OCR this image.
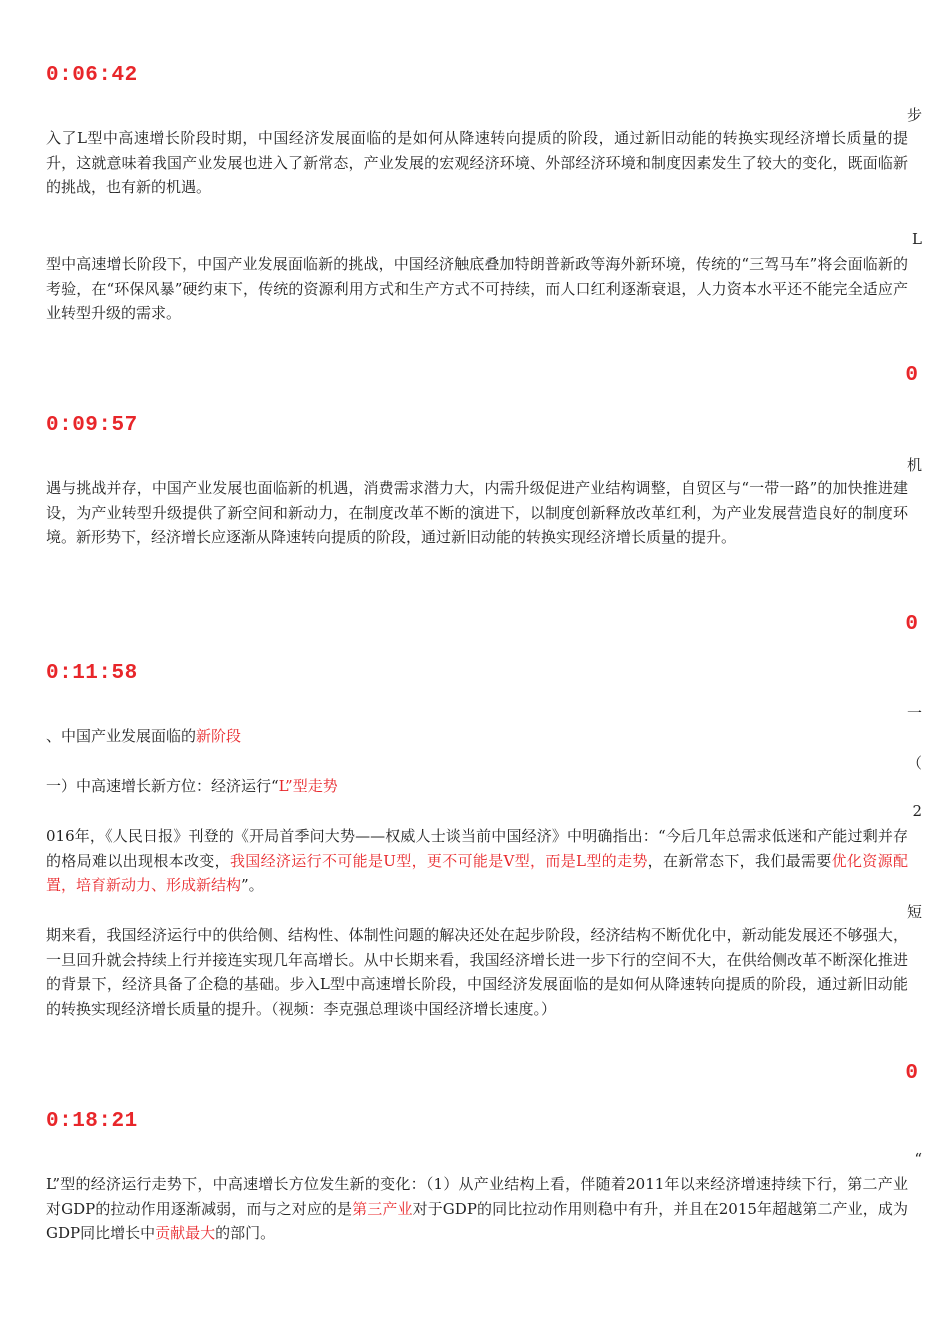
0:06:42
步
入了L型中高速增长阶段时期，中国经济发展面临的是如何从降速转向提质的阶段，通过新旧动能的转换实现经济增长质量的提升，这就意味着我国产业发展也进入了新常态，产业发展的宏观经济环境、外部经济环境和制度因素发生了较大的变化，既面临新的挑战，也有新的机遇。
L
型中高速增长阶段下，中国产业发展面临新的挑战，中国经济触底叠加特朗普新政等海外新环境，传统的“三驾马车”将会面临新的考验，在“环保风暴”硬约束下，传统的资源利用方式和生产方式不可持续，而人口红利逐渐衰退，人力资本水平还不能完全适应产业转型升级的需求。
0
0:09:57
机
遇与挑战并存，中国产业发展也面临新的机遇，消费需求潜力大，内需升级促进产业结构调整，自贸区与“一带一路”的加快推进建设，为产业转型升级提供了新空间和新动力，在制度改革不断的演进下，以制度创新释放改革红利，为产业发展营造良好的制度环境。新形势下，经济增长应逐渐从降速转向提质的阶段，通过新旧动能的转换实现经济增长质量的提升。
0
0:11:58
一
、中国产业发展面临的新阶段
（
一）中高速增长新方位：经济运行“L”型走势
2
016年，《人民日报》刊登的《开局首季问大势——权威人士谈当前中国经济》中明确指出：“今后几年总需求低迷和产能过剩并存的格局难以出现根本改变，我国经济运行不可能是U型，更不可能是V型，而是L型的走势，在新常态下，我们最需要优化资源配置，培育新动力、形成新结构”。
短
期来看，我国经济运行中的供给侧、结构性、体制性问题的解决还处在起步阶段，经济结构不断优化中，新动能发展还不够强大，一旦回升就会持续上行并接连实现几年高增长。从中长期来看，我国经济增长进一步下行的空间不大，在供给侧改革不断深化推进的背景下，经济具备了企稳的基础。步入L型中高速增长阶段，中国经济发展面临的是如何从降速转向提质的阶段，通过新旧动能的转换实现经济增长质量的提升。（视频：李克强总理谈中国经济增长速度。）
0
0:18:21
“
L”型的经济运行走势下，中高速增长方位发生新的变化：（1）从产业结构上看，伴随着2011年以来经济增速持续下行，第二产业对GDP的拉动作用逐渐减弱，而与之对应的是第三产业对于GDP的同比拉动作用则稳中有升，并且在2015年超越第二产业，成为GDP同比增长中贡献最大的部门。
